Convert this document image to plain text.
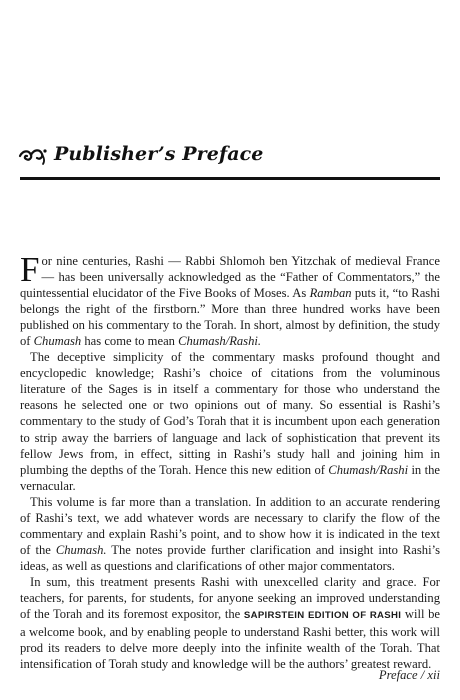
Publisher’s Preface

For nine centuries, Rashi — Rabbi Shlomoh ben Yitzchak of medieval France — has been universally acknowledged as the “Father of Commentators,” the quintessential elucidator of the Five Books of Moses. As Ramban puts it, “to Rashi belongs the right of the firstborn.” More than three hundred works have been published on his commentary to the Torah. In short, almost by definition, the study of Chumash has come to mean Chumash/Rashi.

The deceptive simplicity of the commentary masks profound thought and encyclopedic knowledge; Rashi’s choice of citations from the voluminous literature of the Sages is in itself a commentary for those who understand the reasons he selected one or two opinions out of many. So essential is Rashi’s commentary to the study of God’s Torah that it is incumbent upon each generation to strip away the barriers of language and lack of sophistication that prevent its fellow Jews from, in effect, sitting in Rashi’s study hall and joining him in plumbing the depths of the Torah. Hence this new edition of Chumash/Rashi in the vernacular.

This volume is far more than a translation. In addition to an accurate rendering of Rashi’s text, we add whatever words are necessary to clarify the flow of the commentary and explain Rashi’s point, and to show how it is indicated in the text of the Chumash. The notes provide further clarification and insight into Rashi’s ideas, as well as questions and clarifications of other major commentators.

In sum, this treatment presents Rashi with unexcelled clarity and grace. For teachers, for parents, for students, for anyone seeking an improved understanding of the Torah and its foremost expositor, the SAPIRSTEIN EDITION OF RASHI will be a welcome book, and by enabling people to understand Rashi better, this work will prod its readers to delve more deeply into the infinite wealth of the Torah. That intensification of Torah study and knowledge will be the authors’ greatest reward.

Preface / xii
